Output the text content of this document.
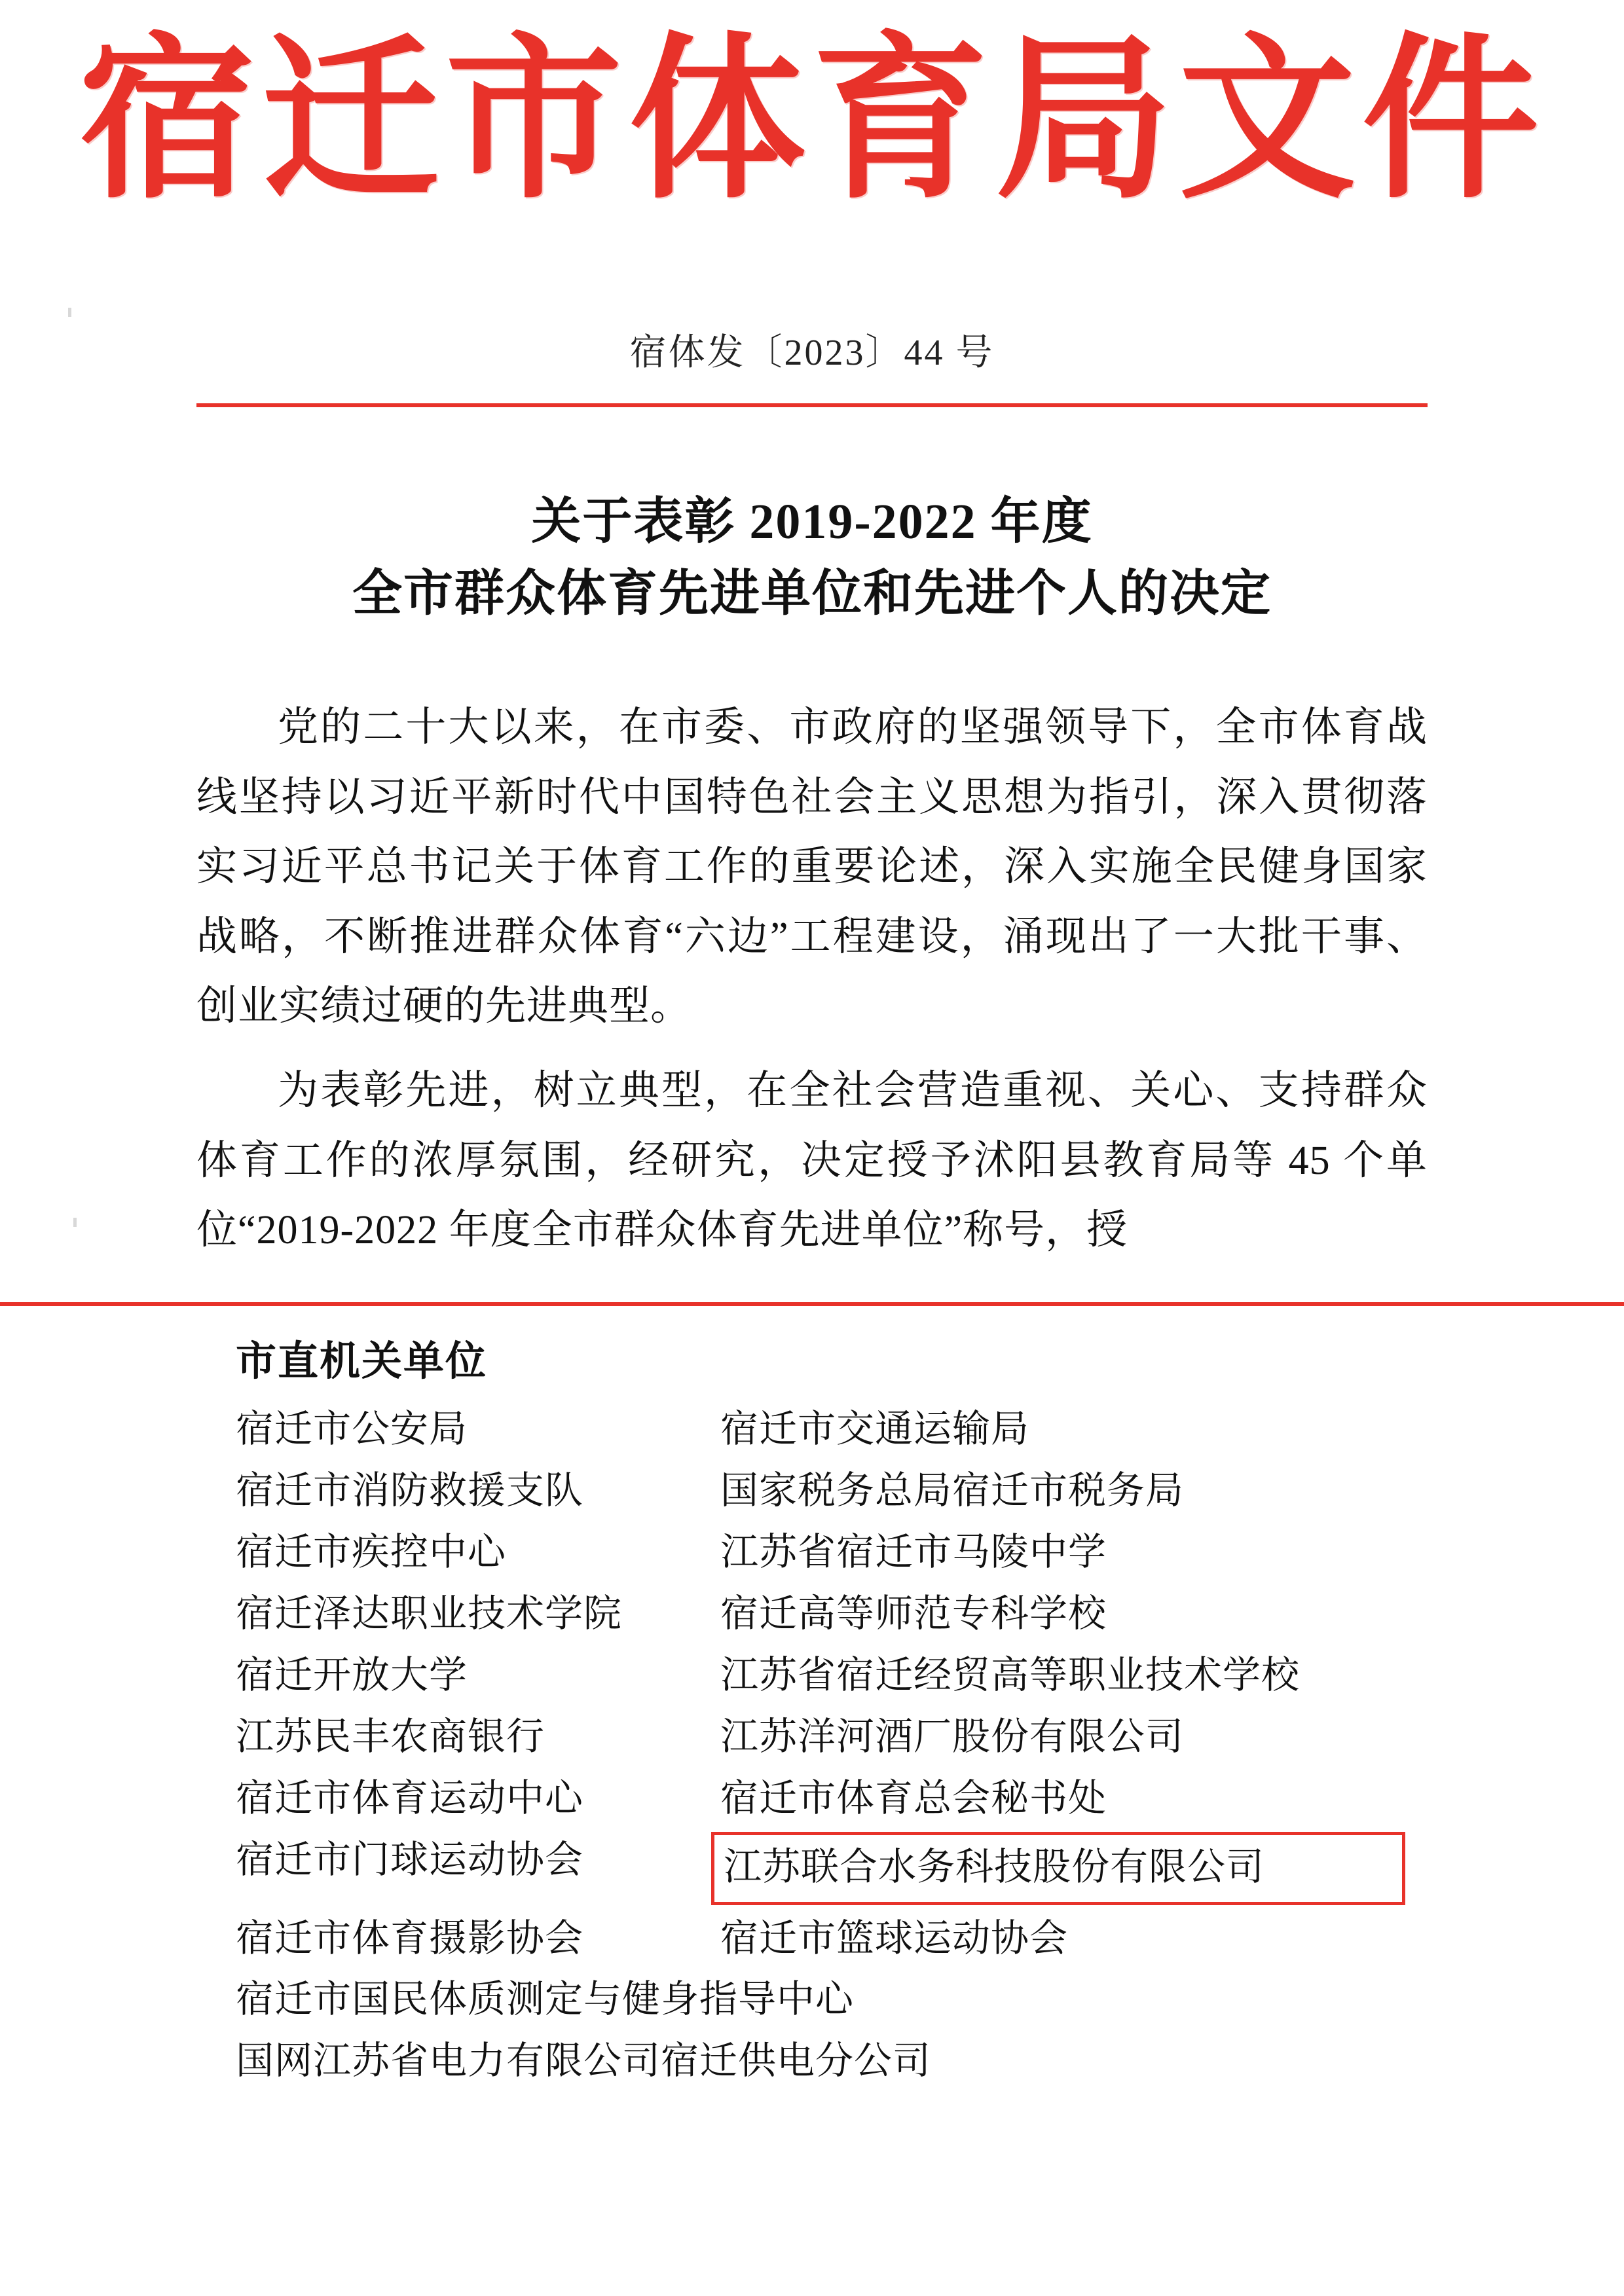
宿迁市体育局文件
宿体发〔2023〕44 号
关于表彰 2019-2022 年度
全市群众体育先进单位和先进个人的决定

党的二十大以来，在市委、市政府的坚强领导下，全市体育战线坚持以习近平新时代中国特色社会主义思想为指引，深入贯彻落实习近平总书记关于体育工作的重要论述，深入实施全民健身国家战略，不断推进群众体育“六边”工程建设，涌现出了一大批干事、创业实绩过硬的先进典型。

为表彰先进，树立典型，在全社会营造重视、关心、支持群众体育工作的浓厚氛围，经研究，决定授予沭阳县教育局等 45 个单位“2019-2022 年度全市群众体育先进单位”称号，授

市直机关单位
宿迁市公安局	宿迁市交通运输局
宿迁市消防救援支队	国家税务总局宿迁市税务局
宿迁市疾控中心	江苏省宿迁市马陵中学
宿迁泽达职业技术学院	宿迁高等师范专科学校
宿迁开放大学	江苏省宿迁经贸高等职业技术学校
江苏民丰农商银行	江苏洋河酒厂股份有限公司
宿迁市体育运动中心	宿迁市体育总会秘书处
宿迁市门球运动协会	江苏联合水务科技股份有限公司
宿迁市体育摄影协会	宿迁市篮球运动协会
宿迁市国民体质测定与健身指导中心
国网江苏省电力有限公司宿迁供电分公司
